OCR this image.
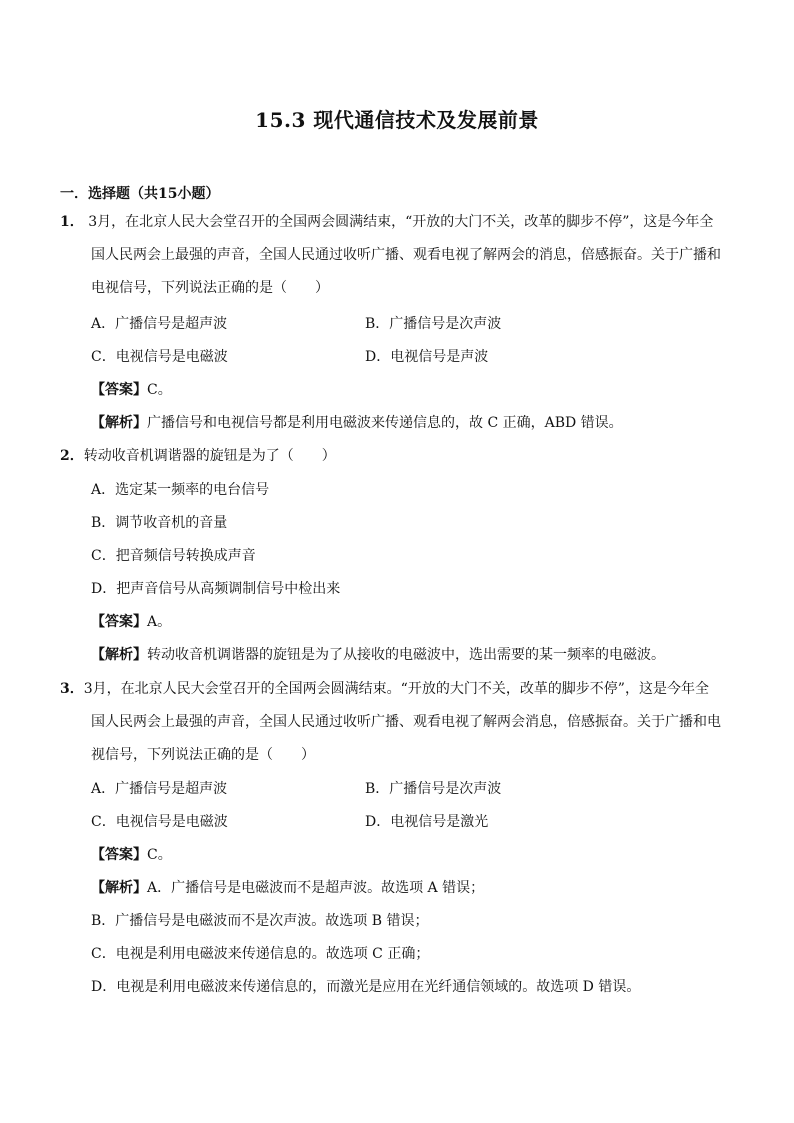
15.3 现代通信技术及发展前景
一．选择题（共15小题）
1． 3月，在北京人民大会堂召开的全国两会圆满结束，“开放的大门不关，改革的脚步不停”，这是今年全
国人民两会上最强的声音，全国人民通过收听广播、观看电视了解两会的消息，倍感振奋。关于广播和
电视信号，下列说法正确的是（　　）
A．广播信号是超声波	B．广播信号是次声波
C．电视信号是电磁波	D．电视信号是声波
【答案】C。
【解析】广播信号和电视信号都是利用电磁波来传递信息的，故 C 正确，ABD 错误。
2．转动收音机调谐器的旋钮是为了（　　）
A．选定某一频率的电台信号
B．调节收音机的音量
C．把音频信号转换成声音
D．把声音信号从高频调制信号中检出来
【答案】A。
【解析】转动收音机调谐器的旋钮是为了从接收的电磁波中，选出需要的某一频率的电磁波。
3．3月，在北京人民大会堂召开的全国两会圆满结束。“开放的大门不关，改革的脚步不停”，这是今年全
国人民两会上最强的声音，全国人民通过收听广播、观看电视了解两会消息，倍感振奋。关于广播和电
视信号，下列说法正确的是（　　）
A．广播信号是超声波	B．广播信号是次声波
C．电视信号是电磁波	D．电视信号是激光
【答案】C。
【解析】A．广播信号是电磁波而不是超声波。故选项 A 错误；
B．广播信号是电磁波而不是次声波。故选项 B 错误；
C．电视是利用电磁波来传递信息的。故选项 C 正确；
D．电视是利用电磁波来传递信息的，而激光是应用在光纤通信领域的。故选项 D 错误。
